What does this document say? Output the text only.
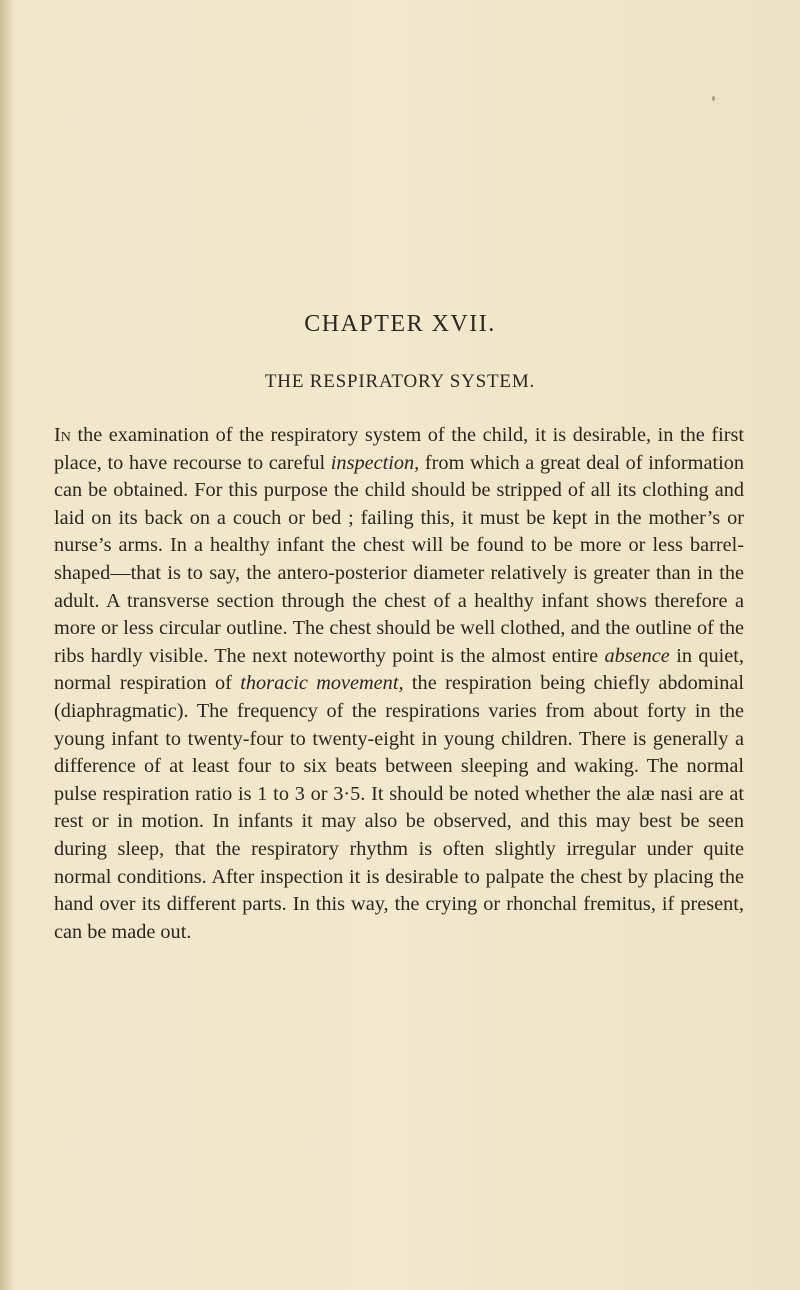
CHAPTER XVII.
THE RESPIRATORY SYSTEM.

In the examination of the respiratory system of the child, it is desirable, in the first place, to have recourse to careful inspection, from which a great deal of information can be obtained. For this purpose the child should be stripped of all its clothing and laid on its back on a couch or bed ; failing this, it must be kept in the mother’s or nurse’s arms. In a healthy infant the chest will be found to be more or less barrel-shaped—that is to say, the antero-posterior diameter relatively is greater than in the adult. A transverse section through the chest of a healthy infant shows therefore a more or less circular outline. The chest should be well clothed, and the outline of the ribs hardly visible. The next noteworthy point is the almost entire absence in quiet, normal respiration of thoracic movement, the respiration being chiefly abdominal (diaphragmatic). The frequency of the respirations varies from about forty in the young infant to twenty-four to twenty-eight in young children. There is generally a difference of at least four to six beats between sleeping and waking. The normal pulse respiration ratio is 1 to 3 or 3·5. It should be noted whether the alæ nasi are at rest or in motion. In infants it may also be observed, and this may best be seen during sleep, that the respiratory rhythm is often slightly irregular under quite normal conditions. After inspection it is desirable to palpate the chest by placing the hand over its different parts. In this way, the crying or rhonchal fremitus, if present, can be made out.
